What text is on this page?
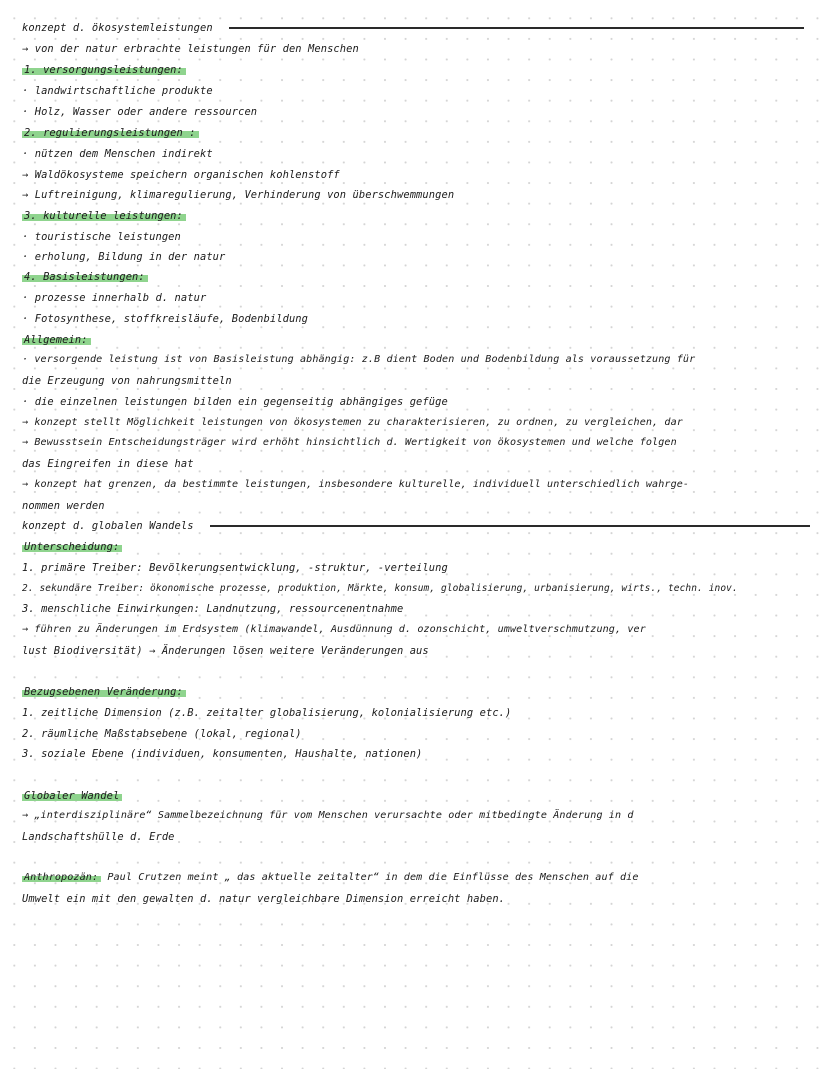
konzept d. ökosystemleistungen
→ von der natur erbrachte leistungen für den Menschen
1. versorgungsleistungen:
· landwirtschaftliche produkte
· Holz, Wasser oder andere ressourcen
2. regulierungsleistungen :
· nützen dem Menschen indirekt
→ Waldökosysteme speichern organischen kohlenstoff
→ Luftreinigung, klimaregulierung, Verhinderung von überschwemmungen
3. kulturelle leistungen:
· touristische leistungen
· erholung, Bildung in der natur
4. Basisleistungen:
· prozesse innerhalb d. natur
· Fotosynthese, stoffkreisläufe, Bodenbildung
Allgemein:
· versorgende leistung ist von Basisleistung abhängig: z.B dient Boden und Bodenbildung als voraussetzung für
die Erzeugung von nahrungsmitteln
· die einzelnen leistungen bilden ein gegenseitig abhängiges gefüge
→ konzept stellt Möglichkeit leistungen von ökosystemen zu charakterisieren, zu ordnen, zu vergleichen, dar
→ Bewusstsein Entscheidungsträger wird erhöht hinsichtlich d. Wertigkeit von ökosystemen und welche folgen
das Eingreifen in diese hat
→ konzept hat grenzen, da bestimmte leistungen, insbesondere kulturelle, individuell unterschiedlich wahrge-
nommen werden
konzept d. globalen Wandels
Unterscheidung:
1. primäre Treiber: Bevölkerungsentwicklung, -struktur, -verteilung
2. sekundäre Treiber: ökonomische prozesse, produktion, Märkte, konsum, globalisierung, urbanisierung, wirts., techn. inov.
3. menschliche Einwirkungen: Landnutzung, ressourcenentnahme
→ führen zu Änderungen im Erdsystem (klimawandel, Ausdünnung d. ozonschicht, umweltverschmutzung, ver
lust Biodiversität) → Änderungen lösen weitere Veränderungen aus
Bezugsebenen Veränderung:
1. zeitliche Dimension (z.B. zeitalter globalisierung, kolonialisierung etc.)
2. räumliche Maßstabsebene (lokal, regional)
3. soziale Ebene (individuen, konsumenten, Haushalte, nationen)
Globaler Wandel
→ „interdisziplinäre“ Sammelbezeichnung für vom Menschen verursachte oder mitbedingte Änderung in d
Landschaftshülle d. Erde
Anthropozän: Paul Crutzen meint „ das aktuelle zeitalter“ in dem die Einflüsse des Menschen auf die
Umwelt ein mit den gewalten d. natur vergleichbare Dimension erreicht haben.
